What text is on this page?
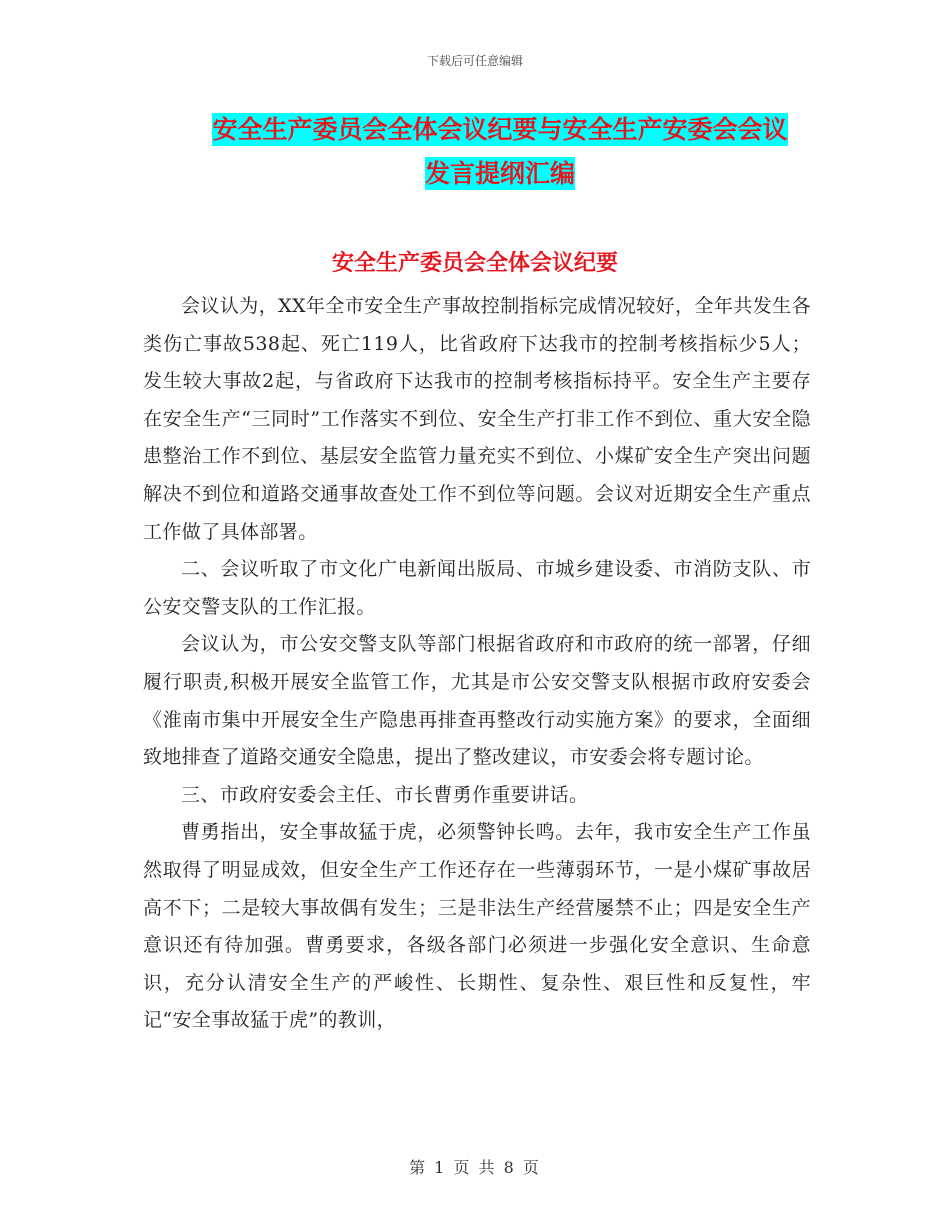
下载后可任意编辑
安全生产委员会全体会议纪要与安全生产安委会会议
发言提纲汇编
安全生产委员会全体会议纪要

会议认为，XX年全市安全生产事故控制指标完成情况较好，全年共发生各类伤亡事故538起、死亡119人，比省政府下达我市的控制考核指标少5人；发生较大事故2起，与省政府下达我市的控制考核指标持平。安全生产主要存在安全生产“三同时”工作落实不到位、安全生产打非工作不到位、重大安全隐患整治工作不到位、基层安全监管力量充实不到位、小煤矿安全生产突出问题解决不到位和道路交通事故查处工作不到位等问题。会议对近期安全生产重点工作做了具体部署。

二、会议听取了市文化广电新闻出版局、市城乡建设委、市消防支队、市公安交警支队的工作汇报。

会议认为，市公安交警支队等部门根据省政府和市政府的统一部署，仔细履行职责,积极开展安全监管工作，尤其是市公安交警支队根据市政府安委会《淮南市集中开展安全生产隐患再排查再整改行动实施方案》的要求，全面细致地排查了道路交通安全隐患，提出了整改建议，市安委会将专题讨论。

三、市政府安委会主任、市长曹勇作重要讲话。

曹勇指出，安全事故猛于虎，必须警钟长鸣。去年，我市安全生产工作虽然取得了明显成效，但安全生产工作还存在一些薄弱环节，一是小煤矿事故居高不下；二是较大事故偶有发生；三是非法生产经营屡禁不止；四是安全生产意识还有待加强。曹勇要求，各级各部门必须进一步强化安全意识、生命意识，充分认清安全生产的严峻性、长期性、复杂性、艰巨性和反复性，牢记“安全事故猛于虎”的教训，

第 1 页 共 8 页
